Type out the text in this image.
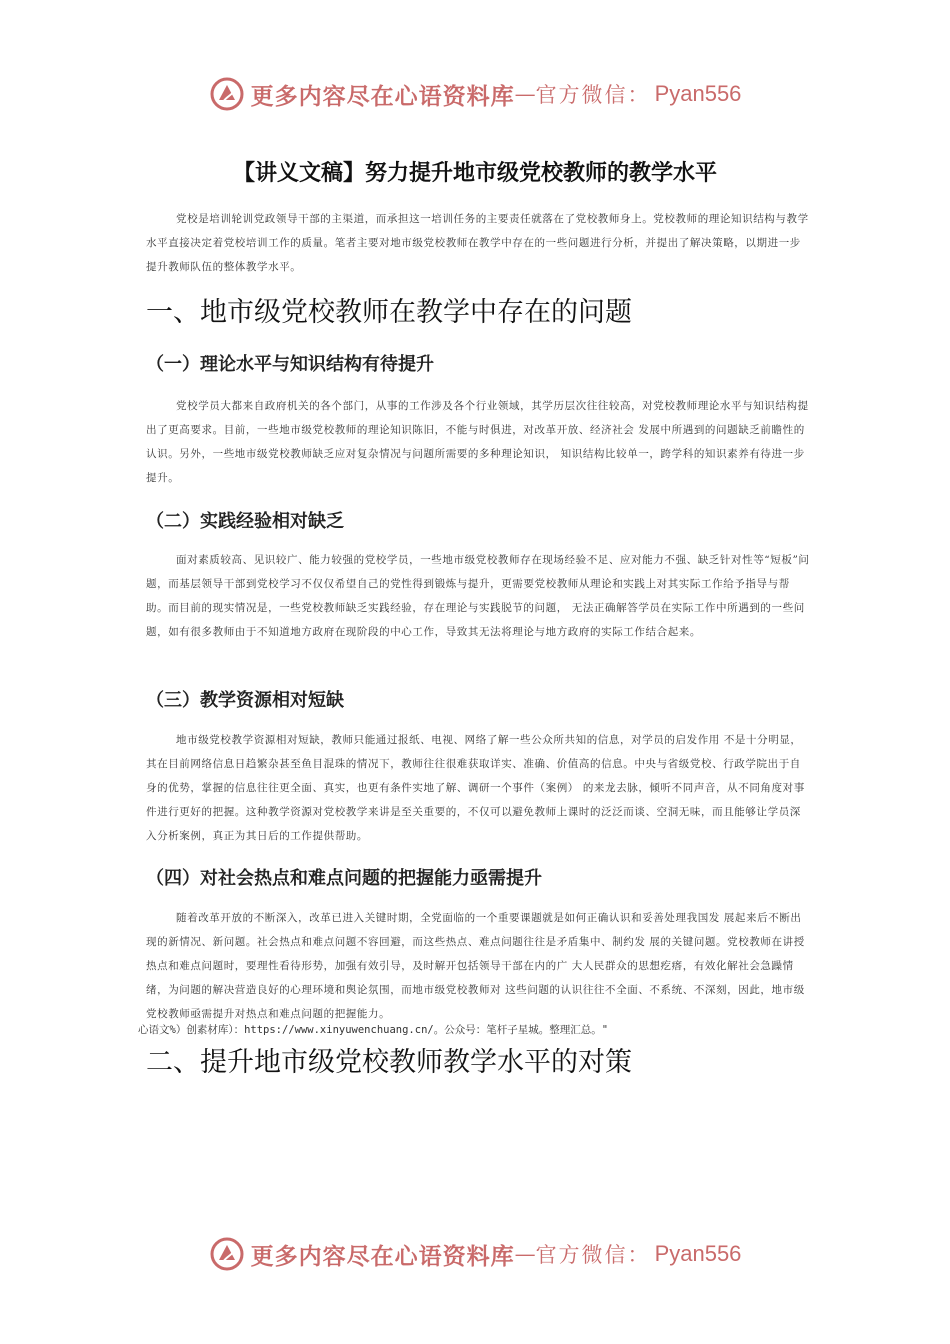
更多内容尽在心语资料库 — 官方微信： Pyan556
【讲义文稿】努力提升地市级党校教师的教学水平

党校是培训轮训党政领导干部的主渠道，而承担这一培训任务的主要责任就落在了党校教师身上。党校教师的理论知识结构与教学水平直接决定着党校培训工作的质量。笔者主要对地市级党校教师在教学中存在的一些问题进行分析，并提出了解决策略，以期进一步提升教师队伍的整体教学水平。

一、地市级党校教师在教学中存在的问题
（一）理论水平与知识结构有待提升

党校学员大都来自政府机关的各个部门，从事的工作涉及各个行业领域，其学历层次往往较高，对党校教师理论水平与知识结构提出了更高要求。目前，一些地市级党校教师的理论知识陈旧，不能与时俱进，对改革开放、经济社会 发展中所遇到的问题缺乏前瞻性的认识。另外，一些地市级党校教师缺乏应对复杂情况与问题所需要的多种理论知识， 知识结构比较单一，跨学科的知识素养有待进一步提升。

（二）实践经验相对缺乏

面对素质较高、见识较广、能力较强的党校学员，一些地市级党校教师存在现场经验不足、应对能力不强、缺乏针对性等“短板”问题，而基层领导干部到党校学习不仅仅希望自己的党性得到锻炼与提升，更需要党校教师从理论和实践上对其实际工作给予指导与帮助。而目前的现实情况是，一些党校教师缺乏实践经验，存在理论与实践脱节的问题， 无法正确解答学员在实际工作中所遇到的一些问题，如有很多教师由于不知道地方政府在现阶段的中心工作，导致其无法将理论与地方政府的实际工作结合起来。

（三）教学资源相对短缺

地市级党校教学资源相对短缺，教师只能通过报纸、电视、网络了解一些公众所共知的信息，对学员的启发作用 不是十分明显，其在目前网络信息日趋繁杂甚至鱼目混珠的情况下，教师往往很难获取详实、准确、价值高的信息。中央与省级党校、行政学院出于自身的优势，掌握的信息往往更全面、真实，也更有条件实地了解、调研一个事件（案例） 的来龙去脉，倾听不同声音，从不同角度对事件进行更好的把握。这种教学资源对党校教学来讲是至关重要的，不仅可以避免教师上课时的泛泛而谈、空洞无味，而且能够让学员深入分析案例，真正为其日后的工作提供帮助。

（四）对社会热点和难点问题的把握能力亟需提升

随着改革开放的不断深入，改革已进入关键时期，全党面临的一个重要课题就是如何正确认识和妥善处理我国发 展起来后不断出现的新情况、新问题。社会热点和难点问题不容回避，而这些热点、难点问题往往是矛盾集中、制约发 展的关键问题。党校教师在讲授热点和难点问题时，要理性看待形势，加强有效引导，及时解开包括领导干部在内的广 大人民群众的思想疙瘩，有效化解社会急躁情绪，为问题的解决营造良好的心理环境和舆论氛围，而地市级党校教师对 这些问题的认识往往不全面、不系统、不深刻，因此，地市级党校教师亟需提升对热点和难点问题的把握能力。

心语文%）创素材库）：https://www.xinyuwenchuang.cn/。公众号：笔杆子星城。整理汇总。"

二、提升地市级党校教师教学水平的对策
更多内容尽在心语资料库 — 官方微信： Pyan556
